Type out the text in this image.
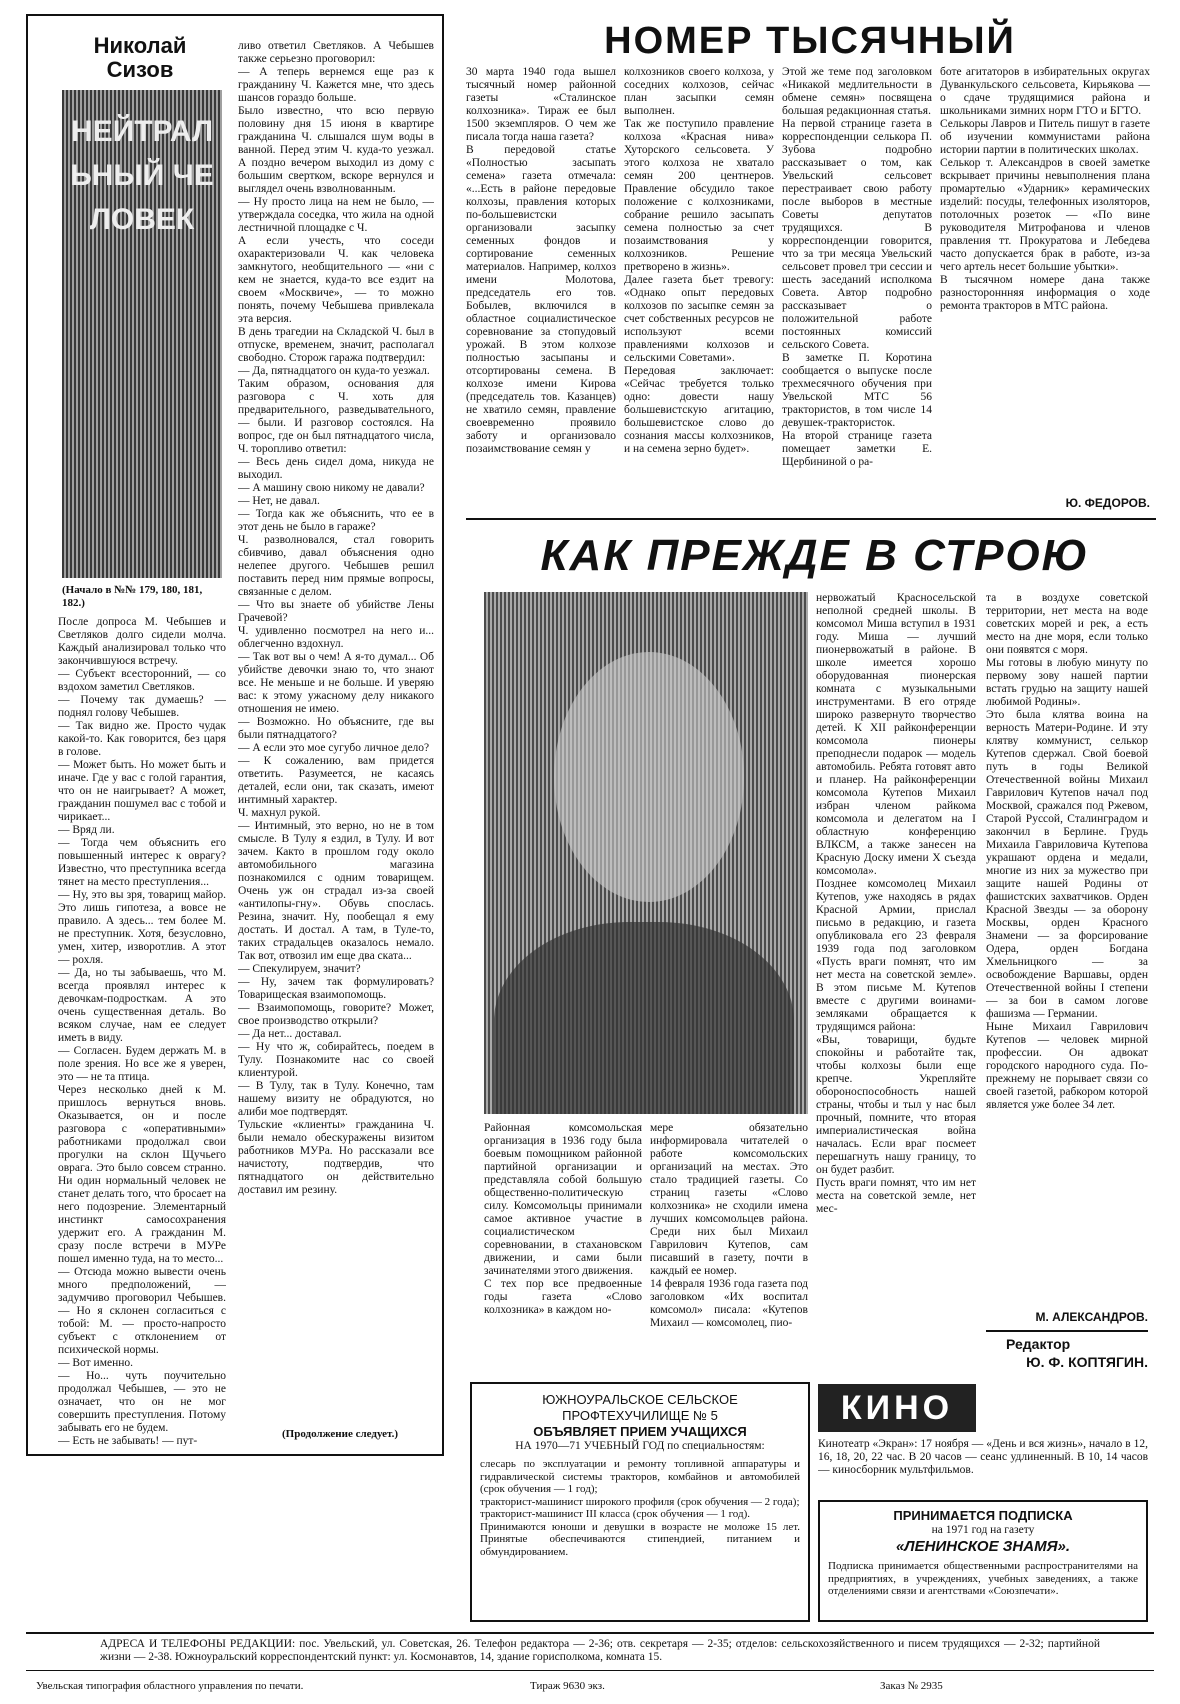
Николай Сизов
НЕЙТРАЛЬНЫЙ ЧЕЛОВЕК
(Начало в №№ 179, 180, 181, 182.)
После допроса М. Чебышев и Светляков долго сидели молча. Каждый анализировал только что закончившуюся встречу.
— Субъект всесторонний, — со вздохом заметил Светляков.
— Почему так думаешь? — поднял голову Чебышев.
— Так видно же. Просто чудак какой-то. Как говорится, без царя в голове.
— Может быть. Но может быть и иначе. Где у вас с голой гарантия, что он не наигрывает? А может, гражданин пошумел вас с тобой и чирикает...
— Вряд ли.
— Тогда чем объяснить его повышенный интерес к оврагу? Известно, что преступника всегда тянет на место преступления...
— Ну, это вы зря, товарищ майор. Это лишь гипотеза, а вовсе не правило. А здесь... тем более М. не преступник. Хотя, безусловно, умен, хитер, изворотлив. А этот — рохля.
— Да, но ты забываешь, что М. всегда проявлял интерес к девочкам-подросткам. А это очень существенная деталь. Во всяком случае, нам ее следует иметь в виду.
— Согласен. Будем держать М. в поле зрения. Но все же я уверен, это — не та птица.
Через несколько дней к М. пришлось вернуться вновь. Оказывается, он и после разговора с «оперативными» работниками продолжал свои прогулки на склон Щучьего оврага. Это было совсем странно. Ни один нормальный человек не станет делать того, что бросает на него подозрение. Элементарный инстинкт самосохранения удержит его. А гражданин М. сразу после встречи в МУРе пошел именно туда, на то место...
— Отсюда можно вывести очень много предположений, — задумчиво проговорил Чебышев. — Но я склонен согласиться с тобой: М. — просто-напросто субъект с отклонением от психической нормы.
— Вот именно.
— Но... чуть поучительно продолжал Чебышев, — это не означает, что он не мог совершить преступления. Потому забывать его не будем.
— Есть не забывать! — пут-
ливо ответил Светляков. А Чебышев также серьезно проговорил:
— А теперь вернемся еще раз к гражданину Ч. Кажется мне, что здесь шансов гораздо больше.
Было известно, что всю первую половину дня 15 июня в квартире гражданина Ч. слышался шум воды в ванной. Перед этим Ч. куда-то уезжал. А поздно вечером выходил из дому с большим свертком, вскоре вернулся и выглядел очень взволнованным.
— Ну просто лица на нем не было, — утверждала соседка, что жила на одной лестничной площадке с Ч.
А если учесть, что соседи охарактеризовали Ч. как человека замкнутого, необщительного — «ни с кем не знается, куда-то все ездит на своем «Москвиче», — то можно понять, почему Чебышева привлекала эта версия.
В день трагедии на Складской Ч. был в отпуске, временем, значит, располагал свободно. Сторож гаража подтвердил:
— Да, пятнадцатого он куда-то уезжал.
Таким образом, основания для разговора с Ч. хоть для предварительного, разведывательного, — были. И разговор состоялся. На вопрос, где он был пятнадцатого числа, Ч. торопливо ответил:
— Весь день сидел дома, никуда не выходил.
— А машину свою никому не давали?
— Нет, не давал.
— Тогда как же объяснить, что ее в этот день не было в гараже?
Ч. разволновался, стал говорить сбивчиво, давал объяснения одно нелепее другого. Чебышев решил поставить перед ним прямые вопросы, связанные с делом.
— Что вы знаете об убийстве Лены Грачевой?
Ч. удивленно посмотрел на него и... облегченно вздохнул.
— Так вот вы о чем! А я-то думал... Об убийстве девочки знаю то, что знают все. Не меньше и не больше. И уверяю вас: к этому ужасному делу никакого отношения не имею.
— Возможно. Но объясните, где вы были пятнадцатого?
— А если это мое сугубо личное дело?
— К сожалению, вам придется ответить. Разумеется, не касаясь деталей, если они, так сказать, имеют интимный характер.
Ч. махнул рукой.
— Интимный, это верно, но не в том смысле. В Тулу я ездил, в Тулу. И вот зачем. Както в прошлом году около автомобильного магазина познакомился с одним товарищем. Очень уж он страдал из-за своей «антилопы-гну». Обувь спослась. Резина, значит. Ну, пообещал я ему достать. И достал. А там, в Туле-то, таких страдальцев оказалось немало. Так вот, отвозил им еще два ската...
— Спекулируем, значит?
— Ну, зачем так формулировать? Товарищеская взаимопомощь.
— Взаимопомощь, говорите? Может, свое производство открыли?
— Да нет... доставал.
— Ну что ж, собирайтесь, поедем в Тулу. Познакомите нас со своей клиентурой.
— В Тулу, так в Тулу. Конечно, там нашему визиту не обрадуются, но алиби мое подтвердят.
Тульские «клиенты» гражданина Ч. были немало обескуражены визитом работников МУРа. Но рассказали все начистоту, подтвердив, что пятнадцатого он действительно доставил им резину.
(Продолжение следует.)
НОМЕР ТЫСЯЧНЫЙ
30 марта 1940 года вышел тысячный номер районной газеты «Сталинское колхозника». Тираж ее был 1500 экземпляров. О чем же писала тогда наша газета?
В передовой статье «Полностью засыпать семена» газета отмечала: «...Есть в районе передовые колхозы, правления которых по-большевистски организовали засыпку семенных фондов и сортирование семенных материалов. Например, колхоз имени Молотова, председатель его тов. Бобылев, включился в областное социалистическое соревнование за стопудовый урожай. В этом колхозе полностью засыпаны и отсортированы семена. В колхозе имени Кирова (председатель тов. Казанцев) не хватило семян, правление своевременно проявило заботу и организовало позаимствование семян у
колхозников своего колхоза, у соседних колхозов, сейчас план засыпки семян выполнен.
Так же поступило правление колхоза «Красная нива» Хуторского сельсовета. У этого колхоза не хватало семян 200 центнеров. Правление обсудило такое положение с колхозниками, собрание решило засыпать семена полностью за счет позаимствования у колхозников. Решение претворено в жизнь».
Далее газета бьет тревогу: «Однако опыт передовых колхозов по засыпке семян за счет собственных ресурсов не используют всеми правлениями колхозов и сельскими Советами».
Передовая заключает: «Сейчас требуется только одно: довести нашу большевистскую агитацию, большевистское слово до сознания массы колхозников, и на семена зерно будет».
Этой же теме под заголовком «Никакой медлительности в обмене семян» посвящена большая редакционная статья.
На первой странице газета в корреспонденции селькора П. Зубова подробно рассказывает о том, как Увельский сельсовет перестраивает свою работу после выборов в местные Советы депутатов трудящихся. В корреспонденции говорится, что за три месяца Увельский сельсовет провел три сессии и шесть заседаний исполкома Совета. Автор подробно рассказывает о положительной работе постоянных комиссий сельского Совета.
В заметке П. Коротина сообщается о выпуске после трехмесячного обучения при Увельской МТС 56 трактористов, в том числе 14 девушек-трактористок.
На второй странице газета помещает заметки Е. Щербининой о ра-
боте агитаторов в избирательных округах Дуванкульского сельсовета, Кирьякова — о сдаче трудящимися района и школьниками зимних норм ГТО и БГТО.
Селькоры Лавров и Питель пишут в газете об изучении коммунистами района истории партии в политических школах.
Селькор т. Александров в своей заметке вскрывает причины невыполнения плана промартелью «Ударник» керамических изделий: посуды, телефонных изоляторов, потолочных розеток — «По вине руководителя Митрофанова и членов правления тт. Прокуратова и Лебедева часто допускается брак в работе, из-за чего артель несет большие убытки».
В тысячном номере дана также разностороннняя информация о ходе ремонта тракторов в МТС района.
Ю. ФЕДОРОВ.
КАК ПРЕЖДЕ В СТРОЮ
Районная комсомольская организация в 1936 году была боевым помощником районной партийной организации и представляла собой большую общественно-политическую силу. Комсомольцы принимали самое активное участие в социалистическом соревновании, в стахановском движении, и сами были зачинателями этого движения.
С тех пор все предвоенные годы газета «Слово колхозника» в каждом но-
мере обязательно информировала читателей о работе комсомольских организаций на местах. Это стало традицией газеты. Со страниц газеты «Слово колхозника» не сходили имена лучших комсомольцев района. Среди них был Михаил Гаврилович Кутепов, сам писавший в газету, почти в каждый ее номер.
14 февраля 1936 года газета под заголовком «Их воспитал комсомол» писала: «Кутепов Михаил — комсомолец, пио-
нервожатый Красносельской неполной средней школы. В комсомол Миша вступил в 1931 году. Миша — лучший пионервожатый в районе. В школе имеется хорошо оборудованная пионерская комната с музыкальными инструментами. В его отряде широко развернуто творчество детей. К XII райконференции комсомола пионеры преподнесли подарок — модель автомобиль. Ребята готовят авто и планер. На райконференции комсомола Кутепов Михаил избран членом райкома комсомола и делегатом на I областную конференцию ВЛКСМ, а также занесен на Красную Доску имени X съезда комсомола».
Позднее комсомолец Михаил Кутепов, уже находясь в рядах Красной Армии, прислал письмо в редакцию, и газета опубликовала его 23 февраля 1939 года под заголовком «Пусть враги помнят, что им нет места на советской земле». В этом письме М. Кутепов вместе с другими воинами-земляками обращается к трудящимся района:
«Вы, товарищи, будьте спокойны и работайте так, чтобы колхозы были еще крепче. Укрепляйте обороноспособность нашей страны, чтобы и тыл у нас был прочный, помните, что вторая империалистическая война началась. Если враг посмеет перешагнуть нашу границу, то он будет разбит.
Пусть враги помнят, что им нет места на советской земле, нет мес-
та в воздухе советской территории, нет места на воде советских морей и рек, а есть место на дне моря, если только они появятся с моря.
Мы готовы в любую минуту по первому зову нашей партии встать грудью на защиту нашей любимой Родины».
Это была клятва воина на верность Матери-Родине. И эту клятву коммунист, селькор Кутепов сдержал. Свой боевой путь в годы Великой Отечественной войны Михаил Гаврилович Кутепов начал под Москвой, сражался под Ржевом, Старой Руссой, Сталинградом и закончил в Берлине. Грудь Михаила Гавриловича Кутепова украшают ордена и медали, многие из них за мужество при защите нашей Родины от фашистских захватчиков. Орден Красной Звезды — за оборону Москвы, орден Красного Знамени — за форсирование Одера, орден Богдана Хмельницкого — за освобождение Варшавы, орден Отечественной войны I степени — за бои в самом логове фашизма — Германии.
Ныне Михаил Гаврилович Кутепов — человек мирной профессии. Он адвокат городского народного суда. По-прежнему не порывает связи со своей газетой, рабкором которой является уже более 34 лет.
М. АЛЕКСАНДРОВ.
Редактор
Ю. Ф. КОПТЯГИН.
ЮЖНОУРАЛЬСКОЕ СЕЛЬСКОЕ
ПРОФТЕХУЧИЛИЩЕ № 5
ОБЪЯВЛЯЕТ ПРИЕМ УЧАЩИХСЯ
НА 1970—71 УЧЕБНЫЙ ГОД по специальностям:
слесарь по эксплуатации и ремонту топливной аппаратуры и гидравлической системы тракторов, комбайнов и автомобилей (срок обучения — 1 год);
тракторист-машинист широкого профиля (срок обучения — 2 года);
тракторист-машинист III класса (срок обучения — 1 год).
Принимаются юноши и девушки в возрасте не моложе 15 лет. Принятые обеспечиваются стипендией, питанием и обмундированием.
КИНО
Кинотеатр «Экран»: 17 ноября — «День и вся жизнь», начало в 12, 16, 18, 20, 22 час. В 20 часов — сеанс удлиненный. В 10, 14 часов — киносборник мультфильмов.
ПРИНИМАЕТСЯ ПОДПИСКА
на 1971 год на газету
«ЛЕНИНСКОЕ ЗНАМЯ».
Подписка принимается общественными распространителями на предприятиях, в учреждениях, учебных заведениях, а также отделениями связи и агентствами «Союзпечати».
АДРЕСА И ТЕЛЕФОНЫ РЕДАКЦИИ: пос. Увельский, ул. Советская, 26. Телефон редактора — 2-36; отв. секретаря — 2-35; отделов: сельскохозяйственного и писем трудящихся — 2-32; партийной жизни — 2-38. Южноуральский корреспондентский пункт: ул. Космонавтов, 14, здание горисполкома, комната 15.
Увельская типография областного управления по печати.	Тираж 9630 экз.	Заказ № 2935
